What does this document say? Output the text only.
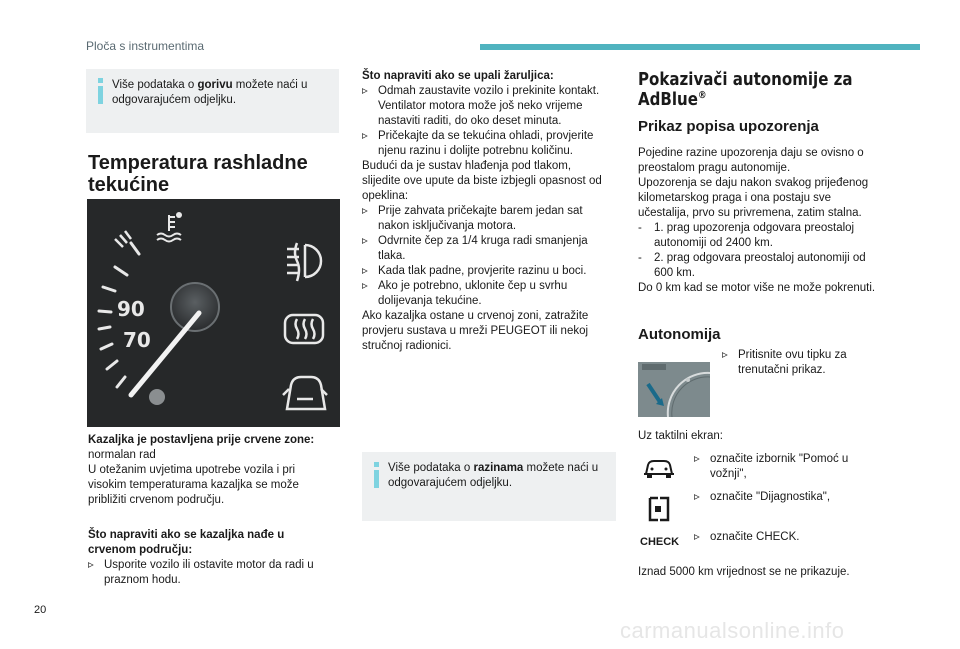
Ploča s instrumentima
Više podataka o gorivu možete naći u odgovarajućem odjeljku.
Temperatura rashladne
tekućine
90
70
Kazaljka je postavljena prije crvene zone:
normalan rad
U otežanim uvjetima upotrebe vozila i pri
visokim temperaturama kazaljka se može
približiti crvenom području.
Što napraviti ako se kazaljka nađe u
crvenom području:
▹ Usporite vozilo ili ostavite motor da radi u
praznom hodu.
Što napraviti ako se upali žaruljica:
▹ Odmah zaustavite vozilo i prekinite kontakt.
Ventilator motora može još neko vrijeme
nastaviti raditi, do oko deset minuta.
▹ Pričekajte da se tekućina ohladi, provjerite
njenu razinu i dolijte potrebnu količinu.
Budući da je sustav hlađenja pod tlakom,
slijedite ove upute da biste izbjegli opasnost od
opeklina:
▹ Prije zahvata pričekajte barem jedan sat
nakon isključivanja motora.
▹ Odvrnite čep za 1/4 kruga radi smanjenja
tlaka.
▹ Kada tlak padne, provjerite razinu u boci.
▹ Ako je potrebno, uklonite čep u svrhu
dolijevanja tekućine.
Ako kazaljka ostane u crvenoj zoni, zatražite
provjeru sustava u mreži PEUGEOT ili nekoj
stručnoj radionici.
Više podataka o razinama možete naći u odgovarajućem odjeljku.
Pokazivači autonomije za
AdBlue®
Prikaz popisa upozorenja
Pojedine razine upozorenja daju se ovisno o
preostalom pragu autonomije.
Upozorenja se daju nakon svakog prijeđenog
kilometarskog praga i ona postaju sve
učestalija, prvo su privremena, zatim stalna.
- 1. prag upozorenja odgovara preostaloj
autonomiji od 2400 km.
- 2. prag odgovara preostaloj autonomiji od
600 km.
Do 0 km kad se motor više ne može pokrenuti.
Autonomija
▹ Pritisnite ovu tipku za
trenutačni prikaz.
Uz taktilni ekran:
▹ označite izbornik "Pomoć u
vožnji",
▹ označite "Dijagnostika",
CHECK ▹ označite CHECK.
Iznad 5000 km vrijednost se ne prikazuje.
20
carmanualsonline.info
